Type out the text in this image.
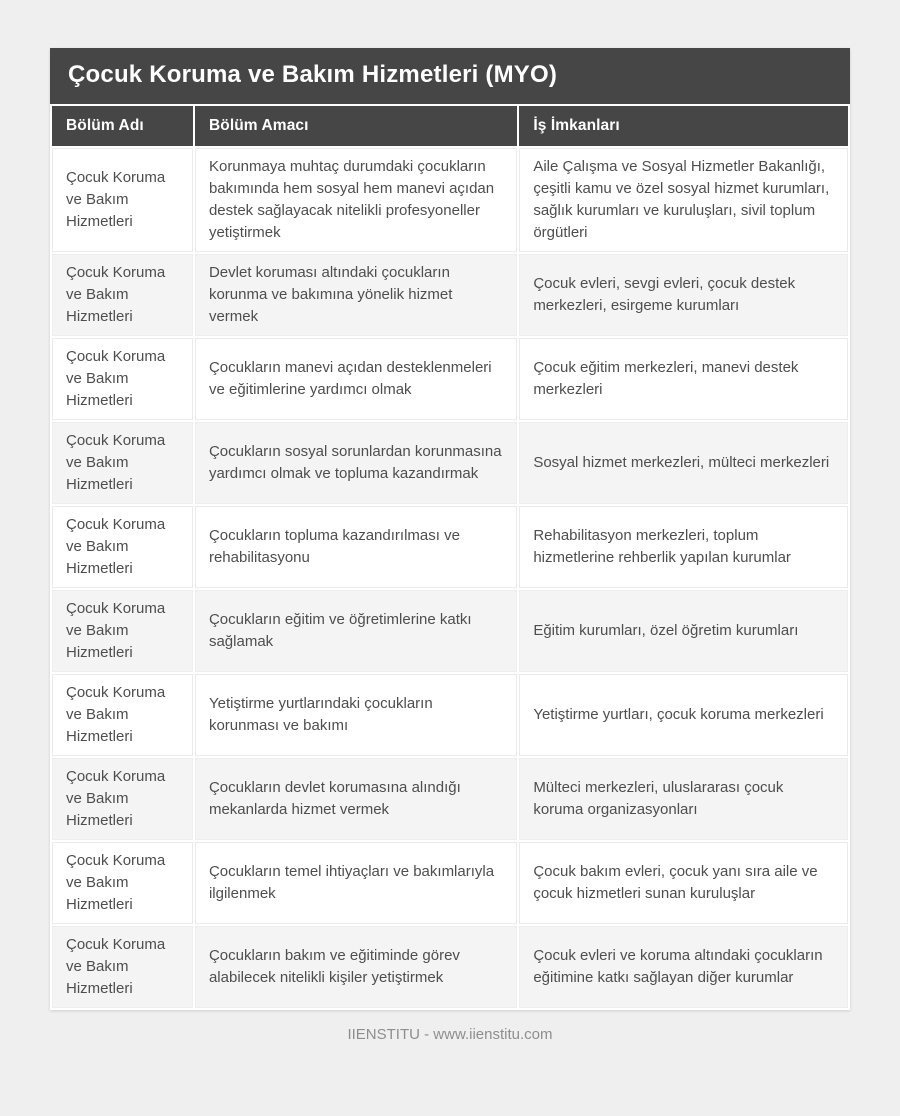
Çocuk Koruma ve Bakım Hizmetleri (MYO)
Bölüm Adı	Bölüm Amacı	İş İmkanları
Çocuk Koruma ve Bakım Hizmetleri	Korunmaya muhtaç durumdaki çocukların bakımında hem sosyal hem manevi açıdan destek sağlayacak nitelikli profesyoneller yetiştirmek	Aile Çalışma ve Sosyal Hizmetler Bakanlığı, çeşitli kamu ve özel sosyal hizmet kurumları, sağlık kurumları ve kuruluşları, sivil toplum örgütleri
Çocuk Koruma ve Bakım Hizmetleri	Devlet koruması altındaki çocukların korunma ve bakımına yönelik hizmet vermek	Çocuk evleri, sevgi evleri, çocuk destek merkezleri, esirgeme kurumları
Çocuk Koruma ve Bakım Hizmetleri	Çocukların manevi açıdan desteklenmeleri ve eğitimlerine yardımcı olmak	Çocuk eğitim merkezleri, manevi destek merkezleri
Çocuk Koruma ve Bakım Hizmetleri	Çocukların sosyal sorunlardan korunmasına yardımcı olmak ve topluma kazandırmak	Sosyal hizmet merkezleri, mülteci merkezleri
Çocuk Koruma ve Bakım Hizmetleri	Çocukların topluma kazandırılması ve rehabilitasyonu	Rehabilitasyon merkezleri, toplum hizmetlerine rehberlik yapılan kurumlar
Çocuk Koruma ve Bakım Hizmetleri	Çocukların eğitim ve öğretimlerine katkı sağlamak	Eğitim kurumları, özel öğretim kurumları
Çocuk Koruma ve Bakım Hizmetleri	Yetiştirme yurtlarındaki çocukların korunması ve bakımı	Yetiştirme yurtları, çocuk koruma merkezleri
Çocuk Koruma ve Bakım Hizmetleri	Çocukların devlet korumasına alındığı mekanlarda hizmet vermek	Mülteci merkezleri, uluslararası çocuk koruma organizasyonları
Çocuk Koruma ve Bakım Hizmetleri	Çocukların temel ihtiyaçları ve bakımlarıyla ilgilenmek	Çocuk bakım evleri, çocuk yanı sıra aile ve çocuk hizmetleri sunan kuruluşlar
Çocuk Koruma ve Bakım Hizmetleri	Çocukların bakım ve eğitiminde görev alabilecek nitelikli kişiler yetiştirmek	Çocuk evleri ve koruma altındaki çocukların eğitimine katkı sağlayan diğer kurumlar
IIENSTITU - www.iienstitu.com
